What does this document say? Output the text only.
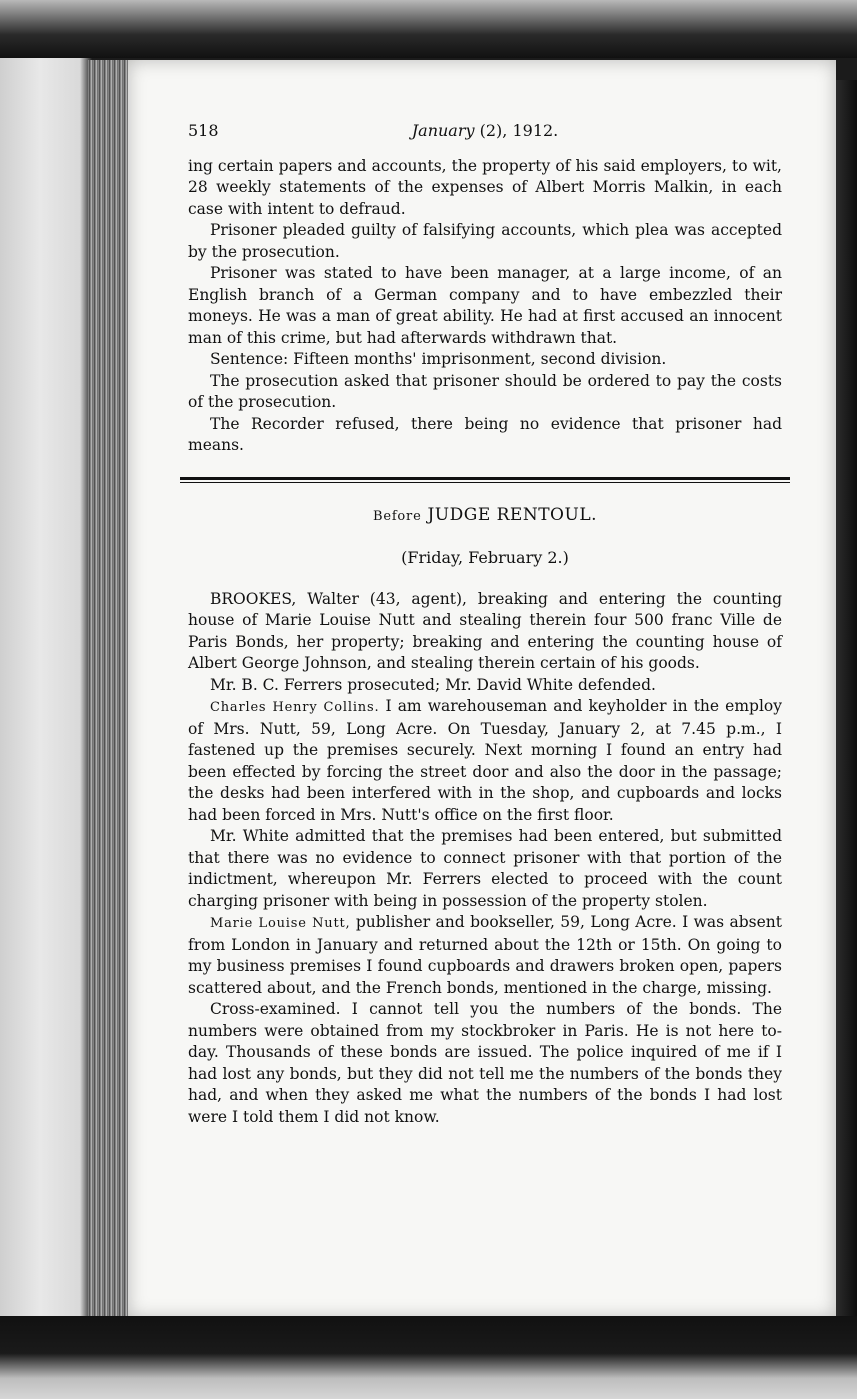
518	January (2), 1912.

ing certain papers and accounts, the property of his said employers, to wit, 28 weekly statements of the expenses of Albert Morris Malkin, in each case with intent to defraud.

Prisoner pleaded guilty of falsifying accounts, which plea was accepted by the prosecution.

Prisoner was stated to have been manager, at a large income, of an English branch of a German company and to have embezzled their moneys. He was a man of great ability. He had at first accused an innocent man of this crime, but had afterwards withdrawn that.

Sentence: Fifteen months' imprisonment, second division.

The prosecution asked that prisoner should be ordered to pay the costs of the prosecution.

The Recorder refused, there being no evidence that prisoner had means.

Before JUDGE RENTOUL.
(Friday, February 2.)

BROOKES, Walter (43, agent), breaking and entering the counting house of Marie Louise Nutt and stealing therein four 500 franc Ville de Paris Bonds, her property; breaking and entering the counting house of Albert George Johnson, and stealing therein certain of his goods.

Mr. B. C. Ferrers prosecuted; Mr. David White defended.

Charles Henry Collins. I am warehouseman and keyholder in the employ of Mrs. Nutt, 59, Long Acre. On Tuesday, January 2, at 7.45 p.m., I fastened up the premises securely. Next morning I found an entry had been effected by forcing the street door and also the door in the passage; the desks had been interfered with in the shop, and cupboards and locks had been forced in Mrs. Nutt's office on the first floor.

Mr. White admitted that the premises had been entered, but submitted that there was no evidence to connect prisoner with that portion of the indictment, whereupon Mr. Ferrers elected to proceed with the count charging prisoner with being in possession of the property stolen.

Marie Louise Nutt, publisher and bookseller, 59, Long Acre. I was absent from London in January and returned about the 12th or 15th. On going to my business premises I found cupboards and drawers broken open, papers scattered about, and the French bonds, mentioned in the charge, missing.

Cross-examined. I cannot tell you the numbers of the bonds. The numbers were obtained from my stockbroker in Paris. He is not here to-day. Thousands of these bonds are issued. The police inquired of me if I had lost any bonds, but they did not tell me the numbers of the bonds they had, and when they asked me what the numbers of the bonds I had lost were I told them I did not know.
